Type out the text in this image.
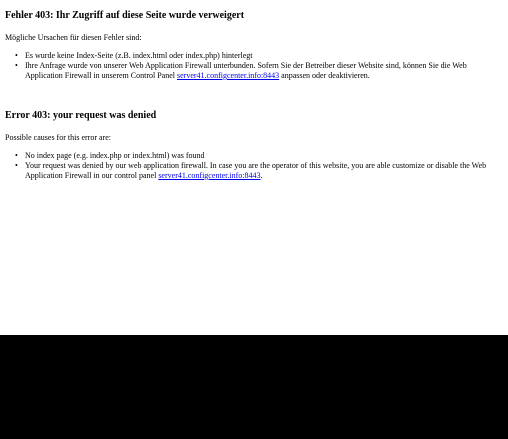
Fehler 403: Ihr Zugriff auf diese Seite wurde verweigert

Mögliche Ursachen für diesen Fehler sind:

• Es wurde keine Index-Seite (z.B. index.html oder index.php) hinterlegt
• Ihre Anfrage wurde von unserer Web Application Firewall unterbunden. Sofern Sie der Betreiber dieser Website sind, können Sie die Web Application Firewall in unserem Control Panel server41.configcenter.info:8443 anpassen oder deaktivieren.
Error 403: your request was denied

Possible causes for this error are:

• No index page (e.g. index.php or index.html) was found
• Your request was denied by our web application firewall. In case you are the operator of this website, you are able customize or disable the Web Application Firewall in our control panel server41.configcenter.info:8443.
